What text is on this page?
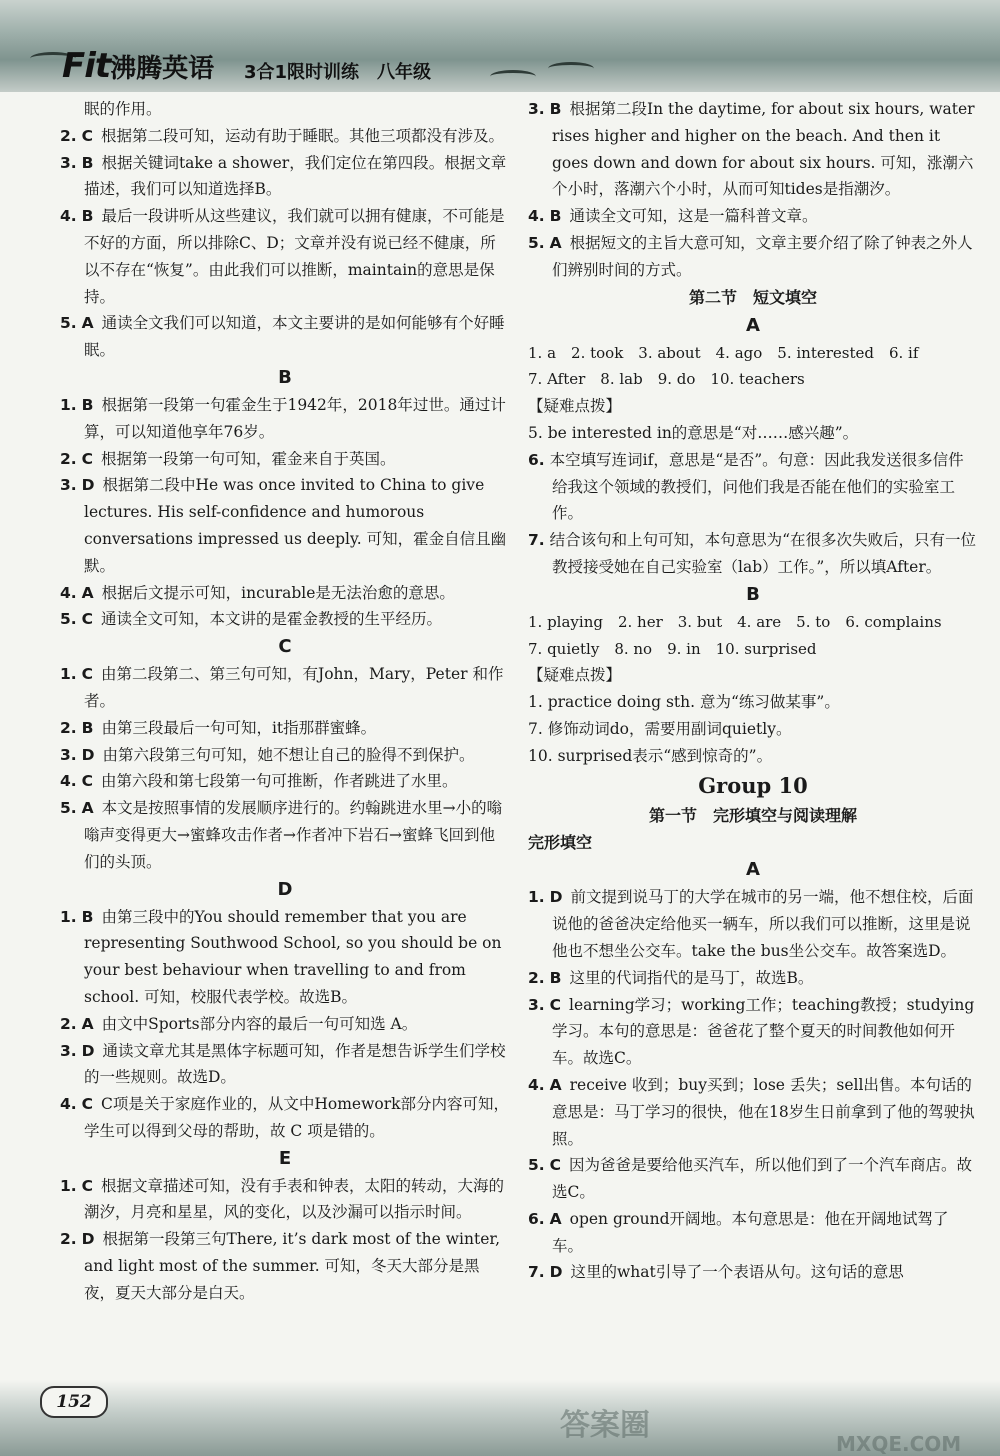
Fit沸腾英语 3合1限时训练　八年级

眠的作用。

2. C 根据第二段可知，运动有助于睡眠。其他三项都没有涉及。

3. B 根据关键词take a shower，我们定位在第四段。根据文章描述，我们可以知道选择B。

4. B 最后一段讲听从这些建议，我们就可以拥有健康，不可能是不好的方面，所以排除C、D；文章并没有说已经不健康，所以不存在“恢复”。由此我们可以推断，maintain的意思是保持。

5. A 通读全文我们可以知道，本文主要讲的是如何能够有个好睡眠。

B

1. B 根据第一段第一句霍金生于1942年，2018年过世。通过计算，可以知道他享年76岁。

2. C 根据第一段第一句可知，霍金来自于英国。

3. D 根据第二段中He was once invited to China to give lectures. His self-confidence and humorous conversations impressed us deeply. 可知，霍金自信且幽默。

4. A 根据后文提示可知，incurable是无法治愈的意思。

5. C 通读全文可知，本文讲的是霍金教授的生平经历。

C

1. C 由第二段第二、第三句可知，有John，Mary，Peter 和作者。

2. B 由第三段最后一句可知，it指那群蜜蜂。

3. D 由第六段第三句可知，她不想让自己的脸得不到保护。

4. C 由第六段和第七段第一句可推断，作者跳进了水里。

5. A 本文是按照事情的发展顺序进行的。约翰跳进水里→小的嗡嗡声变得更大→蜜蜂攻击作者→作者冲下岩石→蜜蜂飞回到他们的头顶。

D

1. B 由第三段中的You should remember that you are representing Southwood School, so you should be on your best behaviour when travelling to and from school. 可知，校服代表学校。故选B。

2. A 由文中Sports部分内容的最后一句可知选 A。

3. D 通读文章尤其是黑体字标题可知，作者是想告诉学生们学校的一些规则。故选D。

4. C C项是关于家庭作业的，从文中Homework部分内容可知，学生可以得到父母的帮助，故 C 项是错的。

E

1. C 根据文章描述可知，没有手表和钟表，太阳的转动，大海的潮汐，月亮和星星，风的变化，以及沙漏可以指示时间。

2. D 根据第一段第三句There, it’s dark most of the winter, and light most of the summer. 可知，冬天大部分是黑夜，夏天大部分是白天。

3. B 根据第二段In the daytime, for about six hours, water rises higher and higher on the beach. And then it goes down and down for about six hours. 可知，涨潮六个小时，落潮六个小时，从而可知tides是指潮汐。

4. B 通读全文可知，这是一篇科普文章。

5. A 根据短文的主旨大意可知，文章主要介绍了除了钟表之外人们辨别时间的方式。

第二节　短文填空

A

1. a　2. took　3. about　4. ago　5. interested　6. if

7. After　8. lab　9. do　10. teachers

【疑难点拨】

5. be interested in的意思是“对……感兴趣”。

6. 本空填写连词if，意思是“是否”。句意：因此我发送很多信件给我这个领域的教授们，问他们我是否能在他们的实验室工作。

7. 结合该句和上句可知，本句意思为“在很多次失败后，只有一位教授接受她在自己实验室（lab）工作。”，所以填After。

B

1. playing　2. her　3. but　4. are　5. to　6. complains

7. quietly　8. no　9. in　10. surprised

【疑难点拨】

1. practice doing sth. 意为“练习做某事”。

7. 修饰动词do，需要用副词quietly。

10. surprised表示“感到惊奇的”。

Group 10

第一节　完形填空与阅读理解

完形填空

A

1. D 前文提到说马丁的大学在城市的另一端，他不想住校，后面说他的爸爸决定给他买一辆车，所以我们可以推断，这里是说他也不想坐公交车。take the bus坐公交车。故答案选D。

2. B 这里的代词指代的是马丁，故选B。

3. C learning学习；working工作；teaching教授；studying学习。本句的意思是：爸爸花了整个夏天的时间教他如何开车。故选C。

4. A receive 收到；buy买到；lose 丢失；sell出售。本句话的意思是：马丁学习的很快，他在18岁生日前拿到了他的驾驶执照。

5. C 因为爸爸是要给他买汽车，所以他们到了一个汽车商店。故选C。

6. A open ground开阔地。本句意思是：他在开阔地试驾了车。

7. D 这里的what引导了一个表语从句。这句话的意思

152
答案圈
MXQE.COM
